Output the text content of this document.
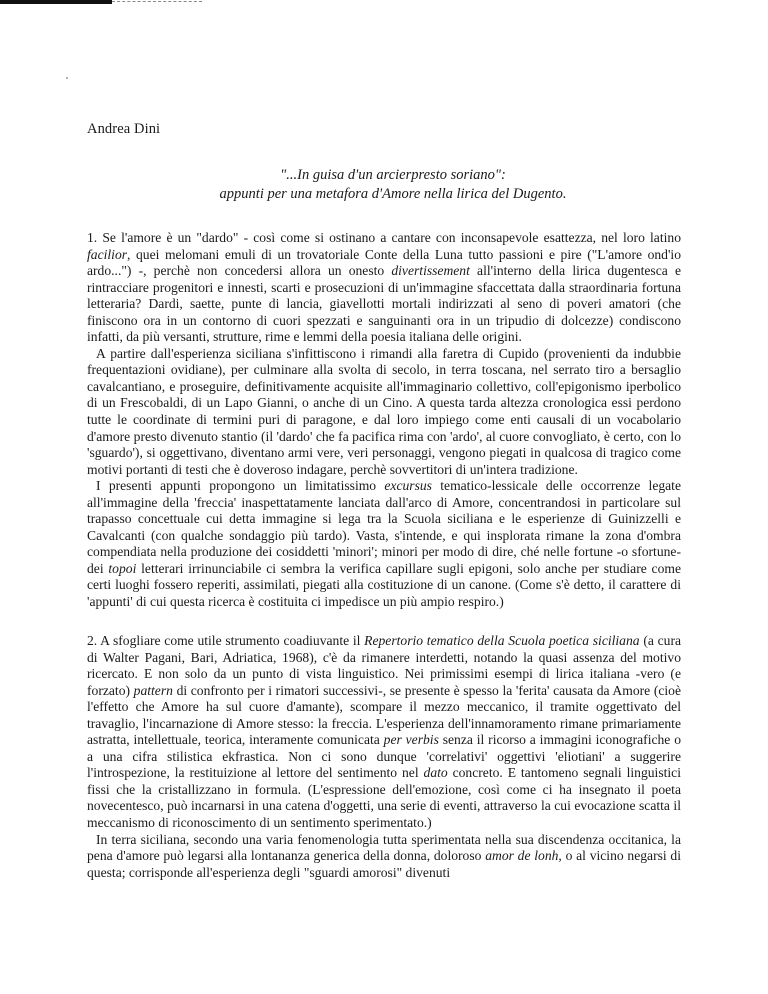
Andrea Dini
"...In guisa d'un arcierpresto soriano":
appunti per una metafora d'Amore nella lirica del Dugento.

1. Se l'amore è un "dardo" - così come si ostinano a cantare con inconsapevole esattezza, nel loro latino facilior, quei melomani emuli di un trovatoriale Conte della Luna tutto passioni e pire ("L'amore ond'io ardo...") -, perchè non concedersi allora un onesto divertissement all'interno della lirica dugentesca e rintracciare progenitori e innesti, scarti e prosecuzioni di un'immagine sfaccettata dalla straordinaria fortuna letteraria? Dardi, saette, punte di lancia, giavellotti mortali indirizzati al seno di poveri amatori (che finiscono ora in un contorno di cuori spezzati e sanguinanti ora in un tripudio di dolcezze) condiscono infatti, da più versanti, strutture, rime e lemmi della poesia italiana delle origini.

A partire dall'esperienza siciliana s'infittiscono i rimandi alla faretra di Cupido (provenienti da indubbie frequentazioni ovidiane), per culminare alla svolta di secolo, in terra toscana, nel serrato tiro a bersaglio cavalcantiano, e proseguire, definitivamente acquisite all'immaginario collettivo, coll'epigonismo iperbolico di un Frescobaldi, di un Lapo Gianni, o anche di un Cino. A questa tarda altezza cronologica essi perdono tutte le coordinate di termini puri di paragone, e dal loro impiego come enti causali di un vocabolario d'amore presto divenuto stantio (il 'dardo' che fa pacifica rima con 'ardo', al cuore convogliato, è certo, con lo 'sguardo'), si oggettivano, diventano armi vere, veri personaggi, vengono piegati in qualcosa di tragico come motivi portanti di testi che è doveroso indagare, perchè sovvertitori di un'intera tradizione.

I presenti appunti propongono un limitatissimo excursus tematico-lessicale delle occorrenze legate all'immagine della 'freccia' inaspettatamente lanciata dall'arco di Amore, concentrandosi in particolare sul trapasso concettuale cui detta immagine si lega tra la Scuola siciliana e le esperienze di Guinizzelli e Cavalcanti (con qualche sondaggio più tardo). Vasta, s'intende, e qui insplorata rimane la zona d'ombra compendiata nella produzione dei cosiddetti 'minori'; minori per modo di dire, ché nelle fortune -o sfortune- dei topoi letterari irrinunciabile ci sembra la verifica capillare sugli epigoni, solo anche per studiare come certi luoghi fossero reperiti, assimilati, piegati alla costituzione di un canone. (Come s'è detto, il carattere di 'appunti' di cui questa ricerca è costituita ci impedisce un più ampio respiro.)

2. A sfogliare come utile strumento coadiuvante il Repertorio tematico della Scuola poetica siciliana (a cura di Walter Pagani, Bari, Adriatica, 1968), c'è da rimanere interdetti, notando la quasi assenza del motivo ricercato. E non solo da un punto di vista linguistico. Nei primissimi esempi di lirica italiana -vero (e forzato) pattern di confronto per i rimatori successivi-, se presente è spesso la 'ferita' causata da Amore (cioè l'effetto che Amore ha sul cuore d'amante), scompare il mezzo meccanico, il tramite oggettivato del travaglio, l'incarnazione di Amore stesso: la freccia. L'esperienza dell'innamoramento rimane primariamente astratta, intellettuale, teorica, interamente comunicata per verbis senza il ricorso a immagini iconografiche o a una cifra stilistica ekfrastica. Non ci sono dunque 'correlativi' oggettivi 'eliotiani' a suggerire l'introspezione, la restituizione al lettore del sentimento nel dato concreto. E tantomeno segnali linguistici fissi che la cristallizzano in formula. (L'espressione dell'emozione, così come ci ha insegnato il poeta novecentesco, può incarnarsi in una catena d'oggetti, una serie di eventi, attraverso la cui evocazione scatta il meccanismo di riconoscimento di un sentimento sperimentato.)

In terra siciliana, secondo una varia fenomenologia tutta sperimentata nella sua discendenza occitanica, la pena d'amore può legarsi alla lontananza generica della donna, doloroso amor de lonh, o al vicino negarsi di questa; corrisponde all'esperienza degli "sguardi amorosi" divenuti
